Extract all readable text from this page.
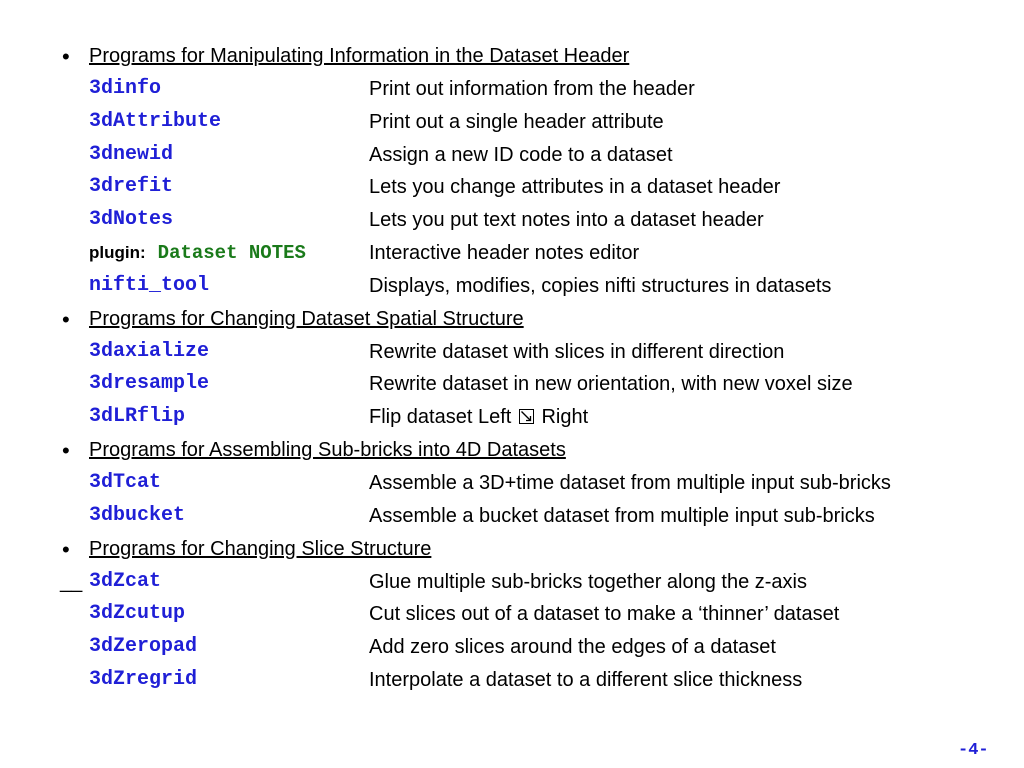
• Programs for Manipulating Information in the Dataset Header
3dinfo	Print out information from the header
3dAttribute	Print out a single header attribute
3dnewid	Assign a new ID code to a dataset
3drefit	Lets you change attributes in a dataset header
3dNotes	Lets you put text notes into a dataset header
plugin: Dataset NOTES	Interactive header notes editor
nifti_tool	Displays, modifies, copies nifti structures in datasets
• Programs for Changing Dataset Spatial Structure
3daxialize	Rewrite dataset with slices in different direction
3dresample	Rewrite dataset in new orientation, with new voxel size
3dLRflip	Flip dataset Left Right
• Programs for Assembling Sub-bricks into 4D Datasets
3dTcat	Assemble a 3D+time dataset from multiple input sub-bricks
3dbucket	Assemble a bucket dataset from multiple input sub-bricks
• Programs for Changing Slice Structure
__ 3dZcat	Glue multiple sub-bricks together along the z-axis
3dZcutup	Cut slices out of a dataset to make a ‘thinner’ dataset
3dZeropad	Add zero slices around the edges of a dataset
3dZregrid	Interpolate a dataset to a different slice thickness
-4-
